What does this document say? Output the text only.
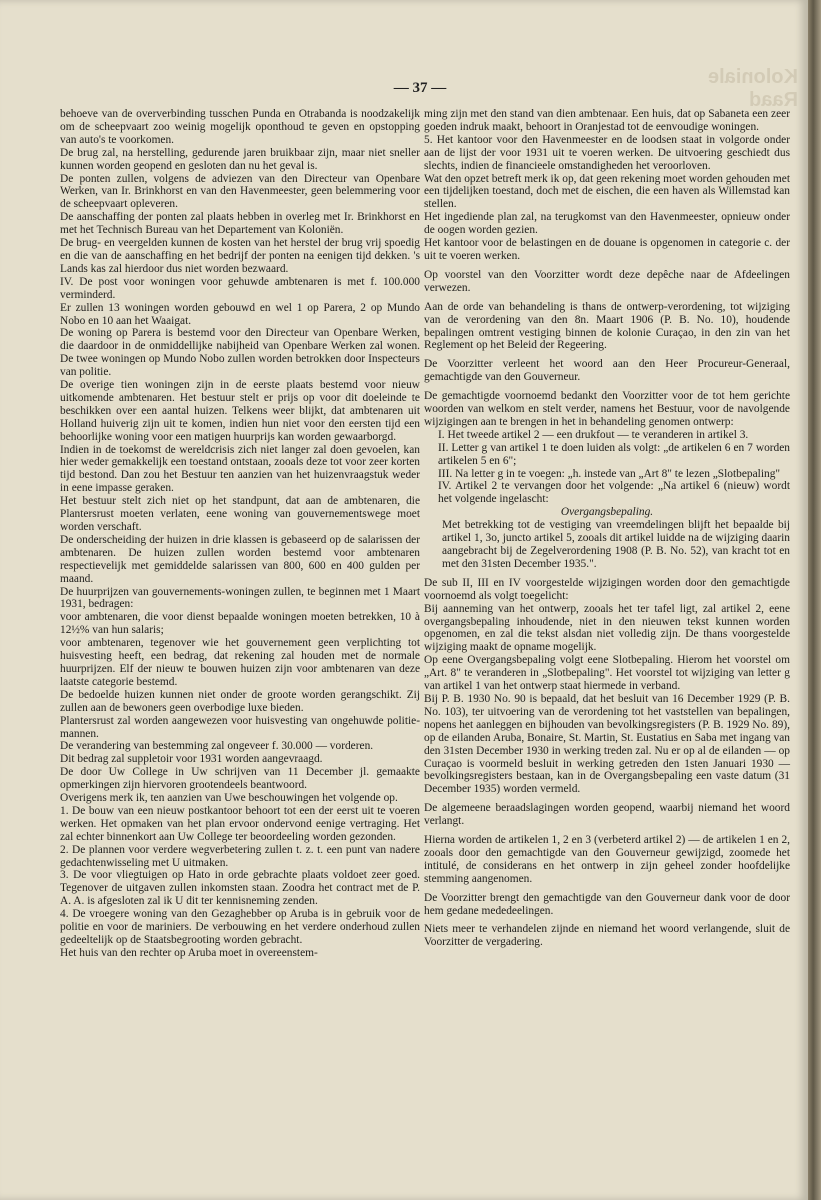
Koloniale Raad
— 37 —

behoeve van de oververbinding tusschen Punda en Otrabanda is noodzakelijk om de scheepvaart zoo weinig mogelijk oponthoud te geven en opstopping van auto's te voorkomen.

De brug zal, na herstelling, gedurende jaren bruikbaar zijn, maar niet sneller kunnen worden geopend en gesloten dan nu het geval is.

De ponten zullen, volgens de adviezen van den Directeur van Openbare Werken, van Ir. Brinkhorst en van den Havenmeester, geen belemmering voor de scheepvaart opleveren.

De aanschaffing der ponten zal plaats hebben in overleg met Ir. Brinkhorst en met het Technisch Bureau van het Departement van Koloniën.

De brug- en veergelden kunnen de kosten van het herstel der brug vrij spoedig en die van de aanschaffing en het bedrijf der ponten na eenigen tijd dekken. 's Lands kas zal hierdoor dus niet worden bezwaard.

IV. De post voor woningen voor gehuwde ambtenaren is met f. 100.000 verminderd.

Er zullen 13 woningen worden gebouwd en wel 1 op Parera, 2 op Mundo Nobo en 10 aan het Waaigat.

De woning op Parera is bestemd voor den Directeur van Openbare Werken, die daardoor in de onmiddellijke nabijheid van Openbare Werken zal wonen. De twee woningen op Mundo Nobo zullen worden betrokken door Inspecteurs van politie.

De overige tien woningen zijn in de eerste plaats bestemd voor nieuw uitkomende ambtenaren. Het bestuur stelt er prijs op voor dit doeleinde te beschikken over een aantal huizen. Telkens weer blijkt, dat ambtenaren uit Holland huiverig zijn uit te komen, indien hun niet voor den eersten tijd een behoorlijke woning voor een matigen huurprijs kan worden gewaarborgd.

Indien in de toekomst de wereldcrisis zich niet langer zal doen gevoelen, kan hier weder gemakkelijk een toestand ontstaan, zooals deze tot voor zeer korten tijd bestond. Dan zou het Bestuur ten aanzien van het huizenvraagstuk weder in eene impasse geraken.

Het bestuur stelt zich niet op het standpunt, dat aan de ambtenaren, die Plantersrust moeten verlaten, eene woning van gouvernementswege moet worden verschaft.

De onderscheiding der huizen in drie klassen is gebaseerd op de salarissen der ambtenaren. De huizen zullen worden bestemd voor ambtenaren respectievelijk met gemiddelde salarissen van 800, 600 en 400 gulden per maand.

De huurprijzen van gouvernements-woningen zullen, te beginnen met 1 Maart 1931, bedragen:

voor ambtenaren, die voor dienst bepaalde woningen moeten betrekken, 10 à 12½% van hun salaris;

voor ambtenaren, tegenover wie het gouvernement geen verplichting tot huisvesting heeft, een bedrag, dat rekening zal houden met de normale huurprijzen. Elf der nieuw te bouwen huizen zijn voor ambtenaren van deze laatste categorie bestemd.

De bedoelde huizen kunnen niet onder de groote worden gerangschikt. Zij zullen aan de bewoners geen overbodige luxe bieden.

Plantersrust zal worden aangewezen voor huisvesting van ongehuwde politie-mannen.

De verandering van bestemming zal ongeveer f. 30.000 — vorderen.

Dit bedrag zal suppletoir voor 1931 worden aangevraagd.

De door Uw College in Uw schrijven van 11 December jl. gemaakte opmerkingen zijn hiervoren grootendeels beantwoord.

Overigens merk ik, ten aanzien van Uwe beschouwingen het volgende op.

1. De bouw van een nieuw postkantoor behoort tot een der eerst uit te voeren werken. Het opmaken van het plan ervoor ondervond eenige vertraging. Het zal echter binnenkort aan Uw College ter beoordeeling worden gezonden.

2. De plannen voor verdere wegverbetering zullen t. z. t. een punt van nadere gedachtenwisseling met U uitmaken.

3. De voor vliegtuigen op Hato in orde gebrachte plaats voldoet zeer goed. Tegenover de uitgaven zullen inkomsten staan. Zoodra het contract met de P. A. A. is afgesloten zal ik U dit ter kennisneming zenden.

4. De vroegere woning van den Gezaghebber op Aruba is in gebruik voor de politie en voor de mariniers. De verbouwing en het verdere onderhoud zullen gedeeltelijk op de Staatsbegrooting worden gebracht.

Het huis van den rechter op Aruba moet in overeenstem-

ming zijn met den stand van dien ambtenaar. Een huis, dat op Sabaneta een zeer goeden indruk maakt, behoort in Oranjestad tot de eenvoudige woningen.

5. Het kantoor voor den Havenmeester en de loodsen staat in volgorde onder aan de lijst der voor 1931 uit te voeren werken. De uitvoering geschiedt dus slechts, indien de financieele omstandigheden het veroorloven.

Wat den opzet betreft merk ik op, dat geen rekening moet worden gehouden met een tijdelijken toestand, doch met de eischen, die een haven als Willemstad kan stellen.

Het ingediende plan zal, na terugkomst van den Havenmeester, opnieuw onder de oogen worden gezien.

Het kantoor voor de belastingen en de douane is opgenomen in categorie c. der uit te voeren werken.

Op voorstel van den Voorzitter wordt deze depêche naar de Afdeelingen verwezen.

Aan de orde van behandeling is thans de ontwerp-verordening, tot wijziging van de verordening van den 8n. Maart 1906 (P. B. No. 10), houdende bepalingen omtrent vestiging binnen de kolonie Curaçao, in den zin van het Reglement op het Beleid der Regeering.

De Voorzitter verleent het woord aan den Heer Procureur-Generaal, gemachtigde van den Gouverneur.

De gemachtigde voornoemd bedankt den Voorzitter voor de tot hem gerichte woorden van welkom en stelt verder, namens het Bestuur, voor de navolgende wijzigingen aan te brengen in het in behandeling genomen ontwerp:

I. Het tweede artikel 2 — een drukfout — te veranderen in artikel 3.

II. Letter g van artikel 1 te doen luiden als volgt: „de artikelen 6 en 7 worden artikelen 5 en 6";

III. Na letter g in te voegen: „h. instede van „Art 8" te lezen „Slotbepaling"

IV. Artikel 2 te vervangen door het volgende: „Na artikel 6 (nieuw) wordt het volgende ingelascht:

Overgangsbepaling.

Met betrekking tot de vestiging van vreemdelingen blijft het bepaalde bij artikel 1, 3o, juncto artikel 5, zooals dit artikel luidde na de wijziging daarin aangebracht bij de Zegelverordening 1908 (P. B. No. 52), van kracht tot en met den 31sten December 1935.".

De sub II, III en IV voorgestelde wijzigingen worden door den gemachtigde voornoemd als volgt toegelicht:

Bij aanneming van het ontwerp, zooals het ter tafel ligt, zal artikel 2, eene overgangsbepaling inhoudende, niet in den nieuwen tekst kunnen worden opgenomen, en zal die tekst alsdan niet volledig zijn. De thans voorgestelde wijziging maakt de opname mogelijk.

Op eene Overgangsbepaling volgt eene Slotbepaling. Hierom het voorstel om „Art. 8" te veranderen in „Slotbepaling". Het voorstel tot wijziging van letter g van artikel 1 van het ontwerp staat hiermede in verband.

Bij P. B. 1930 No. 90 is bepaald, dat het besluit van 16 December 1929 (P. B. No. 103), ter uitvoering van de verordening tot het vaststellen van bepalingen, nopens het aanleggen en bijhouden van bevolkingsregisters (P. B. 1929 No. 89), op de eilanden Aruba, Bonaire, St. Martin, St. Eustatius en Saba met ingang van den 31sten December 1930 in werking treden zal. Nu er op al de eilanden — op Curaçao is voormeld besluit in werking getreden den 1sten Januari 1930 — bevolkingsregisters bestaan, kan in de Overgangsbepaling een vaste datum (31 December 1935) worden vermeld.

De algemeene beraadslagingen worden geopend, waarbij niemand het woord verlangt.

Hierna worden de artikelen 1, 2 en 3 (verbeterd artikel 2) — de artikelen 1 en 2, zooals door den gemachtigde van den Gouverneur gewijzigd, zoomede het intitulé, de considerans en het ontwerp in zijn geheel zonder hoofdelijke stemming aangenomen.

De Voorzitter brengt den gemachtigde van den Gouverneur dank voor de door hem gedane mededeelingen.

Niets meer te verhandelen zijnde en niemand het woord verlangende, sluit de Voorzitter de vergadering.
